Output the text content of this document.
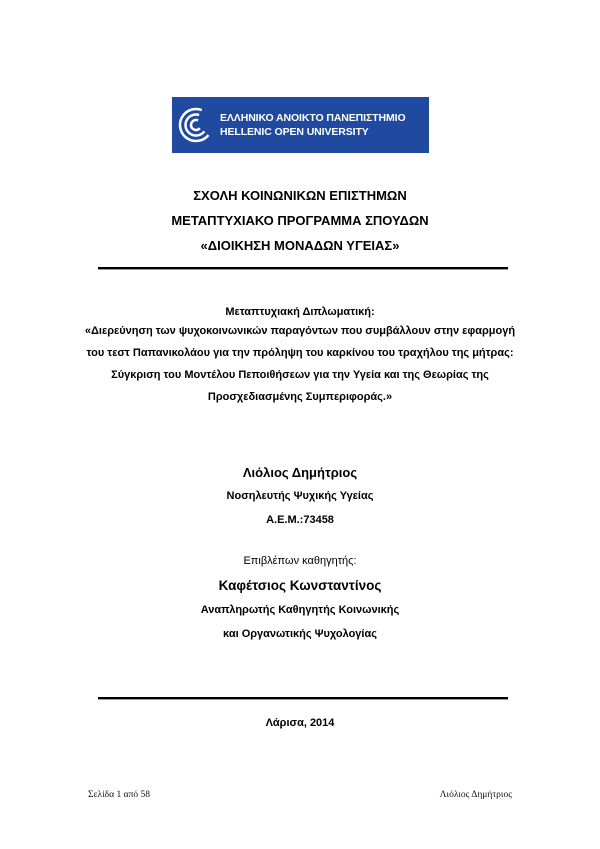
ΕΛΛΗΝΙΚΟ ΑΝΟΙΚΤΟ ΠΑΝΕΠΙΣΤΗΜΙΟ
HELLENIC OPEN UNIVERSITY
ΣΧΟΛΗ ΚΟΙΝΩΝΙΚΩΝ ΕΠΙΣΤΗΜΩΝ
ΜΕΤΑΠΤΥΧΙΑΚΟ ΠΡΟΓΡΑΜΜΑ ΣΠΟΥΔΩΝ
«ΔΙΟΙΚΗΣΗ ΜΟΝΑΔΩΝ ΥΓΕΙΑΣ»
Μεταπτυχιακή Διπλωματική:
«Διερεύνηση των ψυχοκοινωνικών παραγόντων που συμβάλλουν στην εφαρμογή
του τεστ Παπανικολάου για την πρόληψη του καρκίνου του τραχήλου της μήτρας:
Σύγκριση του Μοντέλου Πεποιθήσεων για την Υγεία και της Θεωρίας της
Προσχεδιασμένης Συμπεριφοράς.»
Λιόλιος Δημήτριος
Νοσηλευτής Ψυχικής Υγείας
Α.Ε.Μ.:73458
Επιβλέπων καθηγητής:
Καφέτσιος Κωνσταντίνος
Αναπληρωτής Καθηγητής Κοινωνικής
και Οργανωτικής Ψυχολογίας
Λάρισα, 2014
Σελίδα 1 από 58	Λιόλιος Δημήτριος
